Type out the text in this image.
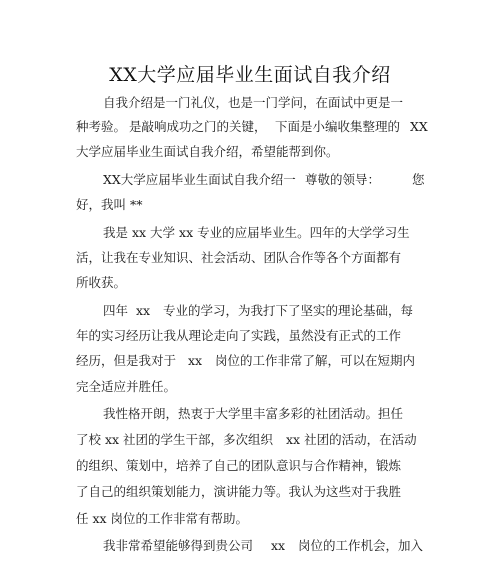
XX大学应届毕业生面试自我介绍
自我介绍是一门礼仪，也是一门学问，在面试中更是一
种考验。 是敲响成功之门的关键， 下面是小编收集整理的 XX
大学应届毕业生面试自我介绍，希望能帮到你。
XX大学应届毕业生面试自我介绍一 尊敬的领导：	您
好，我叫 **
我是 xx 大学 xx 专业的应届毕业生。四年的大学学习生
活，让我在专业知识、社会活动、团队合作等各个方面都有
所收获。
四年 xx 专业的学习，为我打下了坚实的理论基础，每
年的实习经历让我从理论走向了实践，虽然没有正式的工作
经历，但是我对于 xx 岗位的工作非常了解，可以在短期内
完全适应并胜任。
我性格开朗，热衷于大学里丰富多彩的社团活动。担任
了校 xx 社团的学生干部，多次组织 xx 社团的活动，在活动
的组织、策划中，培养了自己的团队意识与合作精神，锻炼
了自己的组织策划能力，演讲能力等。我认为这些对于我胜
任 xx 岗位的工作非常有帮助。
我非常希望能够得到贵公司 xx 岗位的工作机会，加入
